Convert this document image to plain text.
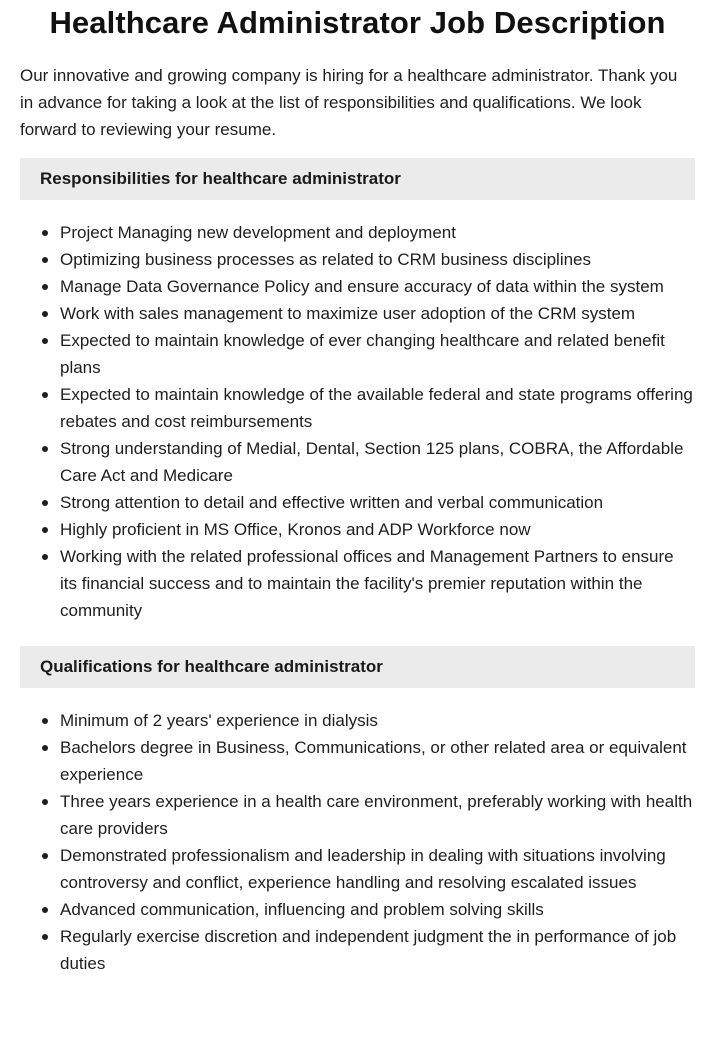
Healthcare Administrator Job Description

Our innovative and growing company is hiring for a healthcare administrator. Thank you in advance for taking a look at the list of responsibilities and qualifications. We look forward to reviewing your resume.

Responsibilities for healthcare administrator
Project Managing new development and deployment
Optimizing business processes as related to CRM business disciplines
Manage Data Governance Policy and ensure accuracy of data within the system
Work with sales management to maximize user adoption of the CRM system
Expected to maintain knowledge of ever changing healthcare and related benefit plans
Expected to maintain knowledge of the available federal and state programs offering rebates and cost reimbursements
Strong understanding of Medial, Dental, Section 125 plans, COBRA, the Affordable Care Act and Medicare
Strong attention to detail and effective written and verbal communication
Highly proficient in MS Office, Kronos and ADP Workforce now
Working with the related professional offices and Management Partners to ensure its financial success and to maintain the facility's premier reputation within the community
Qualifications for healthcare administrator
Minimum of 2 years' experience in dialysis
Bachelors degree in Business, Communications, or other related area or equivalent experience
Three years experience in a health care environment, preferably working with health care providers
Demonstrated professionalism and leadership in dealing with situations involving controversy and conflict, experience handling and resolving escalated issues
Advanced communication, influencing and problem solving skills
Regularly exercise discretion and independent judgment the in performance of job duties
